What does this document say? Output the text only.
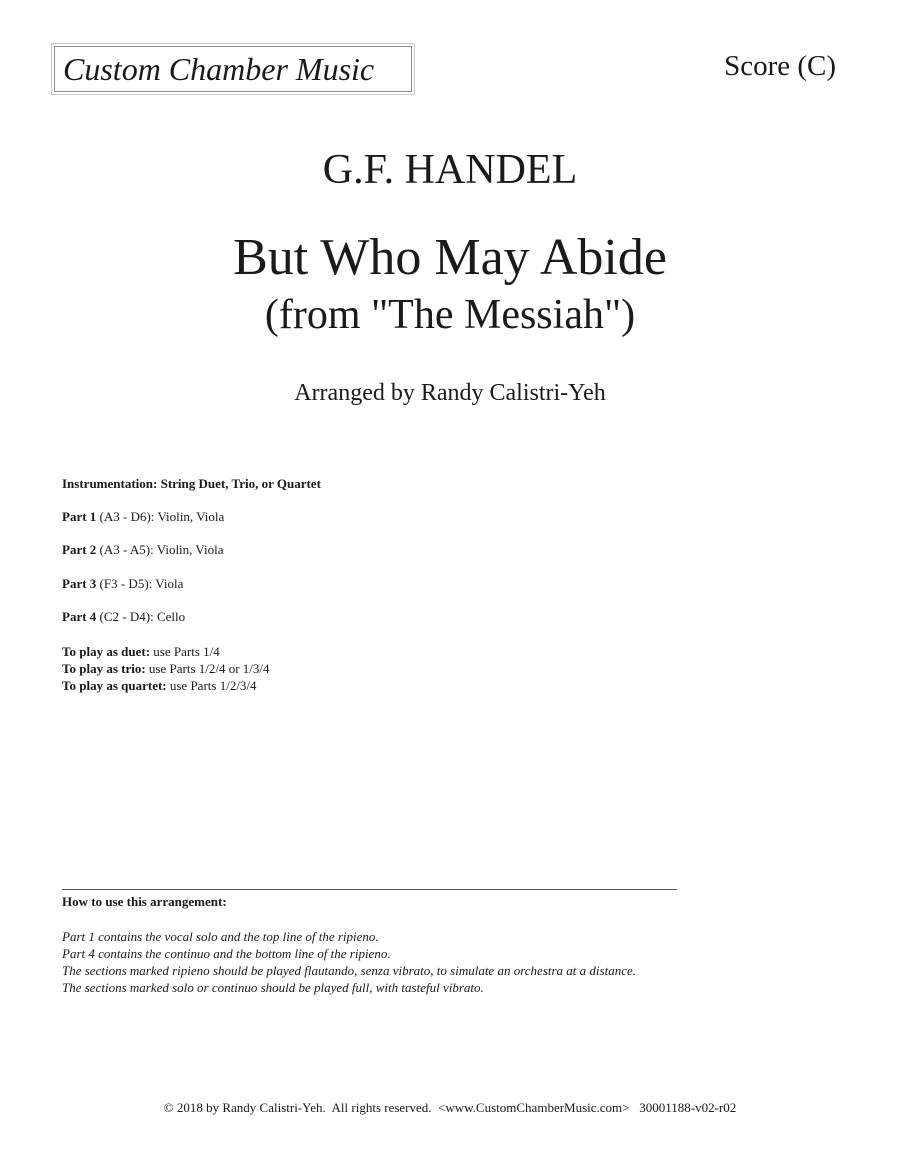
Custom Chamber Music	Score (C)
G.F. HANDEL
But Who May Abide
(from "The Messiah")
Arranged by Randy Calistri-Yeh
Instrumentation: String Duet, Trio, or Quartet
Part 1 (A3 - D6): Violin, Viola
Part 2 (A3 - A5): Violin, Viola
Part 3 (F3 - D5): Viola
Part 4 (C2 - D4): Cello
To play as duet: use Parts 1/4
To play as trio: use Parts 1/2/4 or 1/3/4
To play as quartet: use Parts 1/2/3/4
How to use this arrangement:
Part 1 contains the vocal solo and the top line of the ripieno.
Part 4 contains the continuo and the bottom line of the ripieno.
The sections marked ripieno should be played flautando, senza vibrato, to simulate an orchestra at a distance.
The sections marked solo or continuo should be played full, with tasteful vibrato.
© 2018 by Randy Calistri-Yeh.  All rights reserved.  <www.CustomChamberMusic.com>   30001188-v02-r02
